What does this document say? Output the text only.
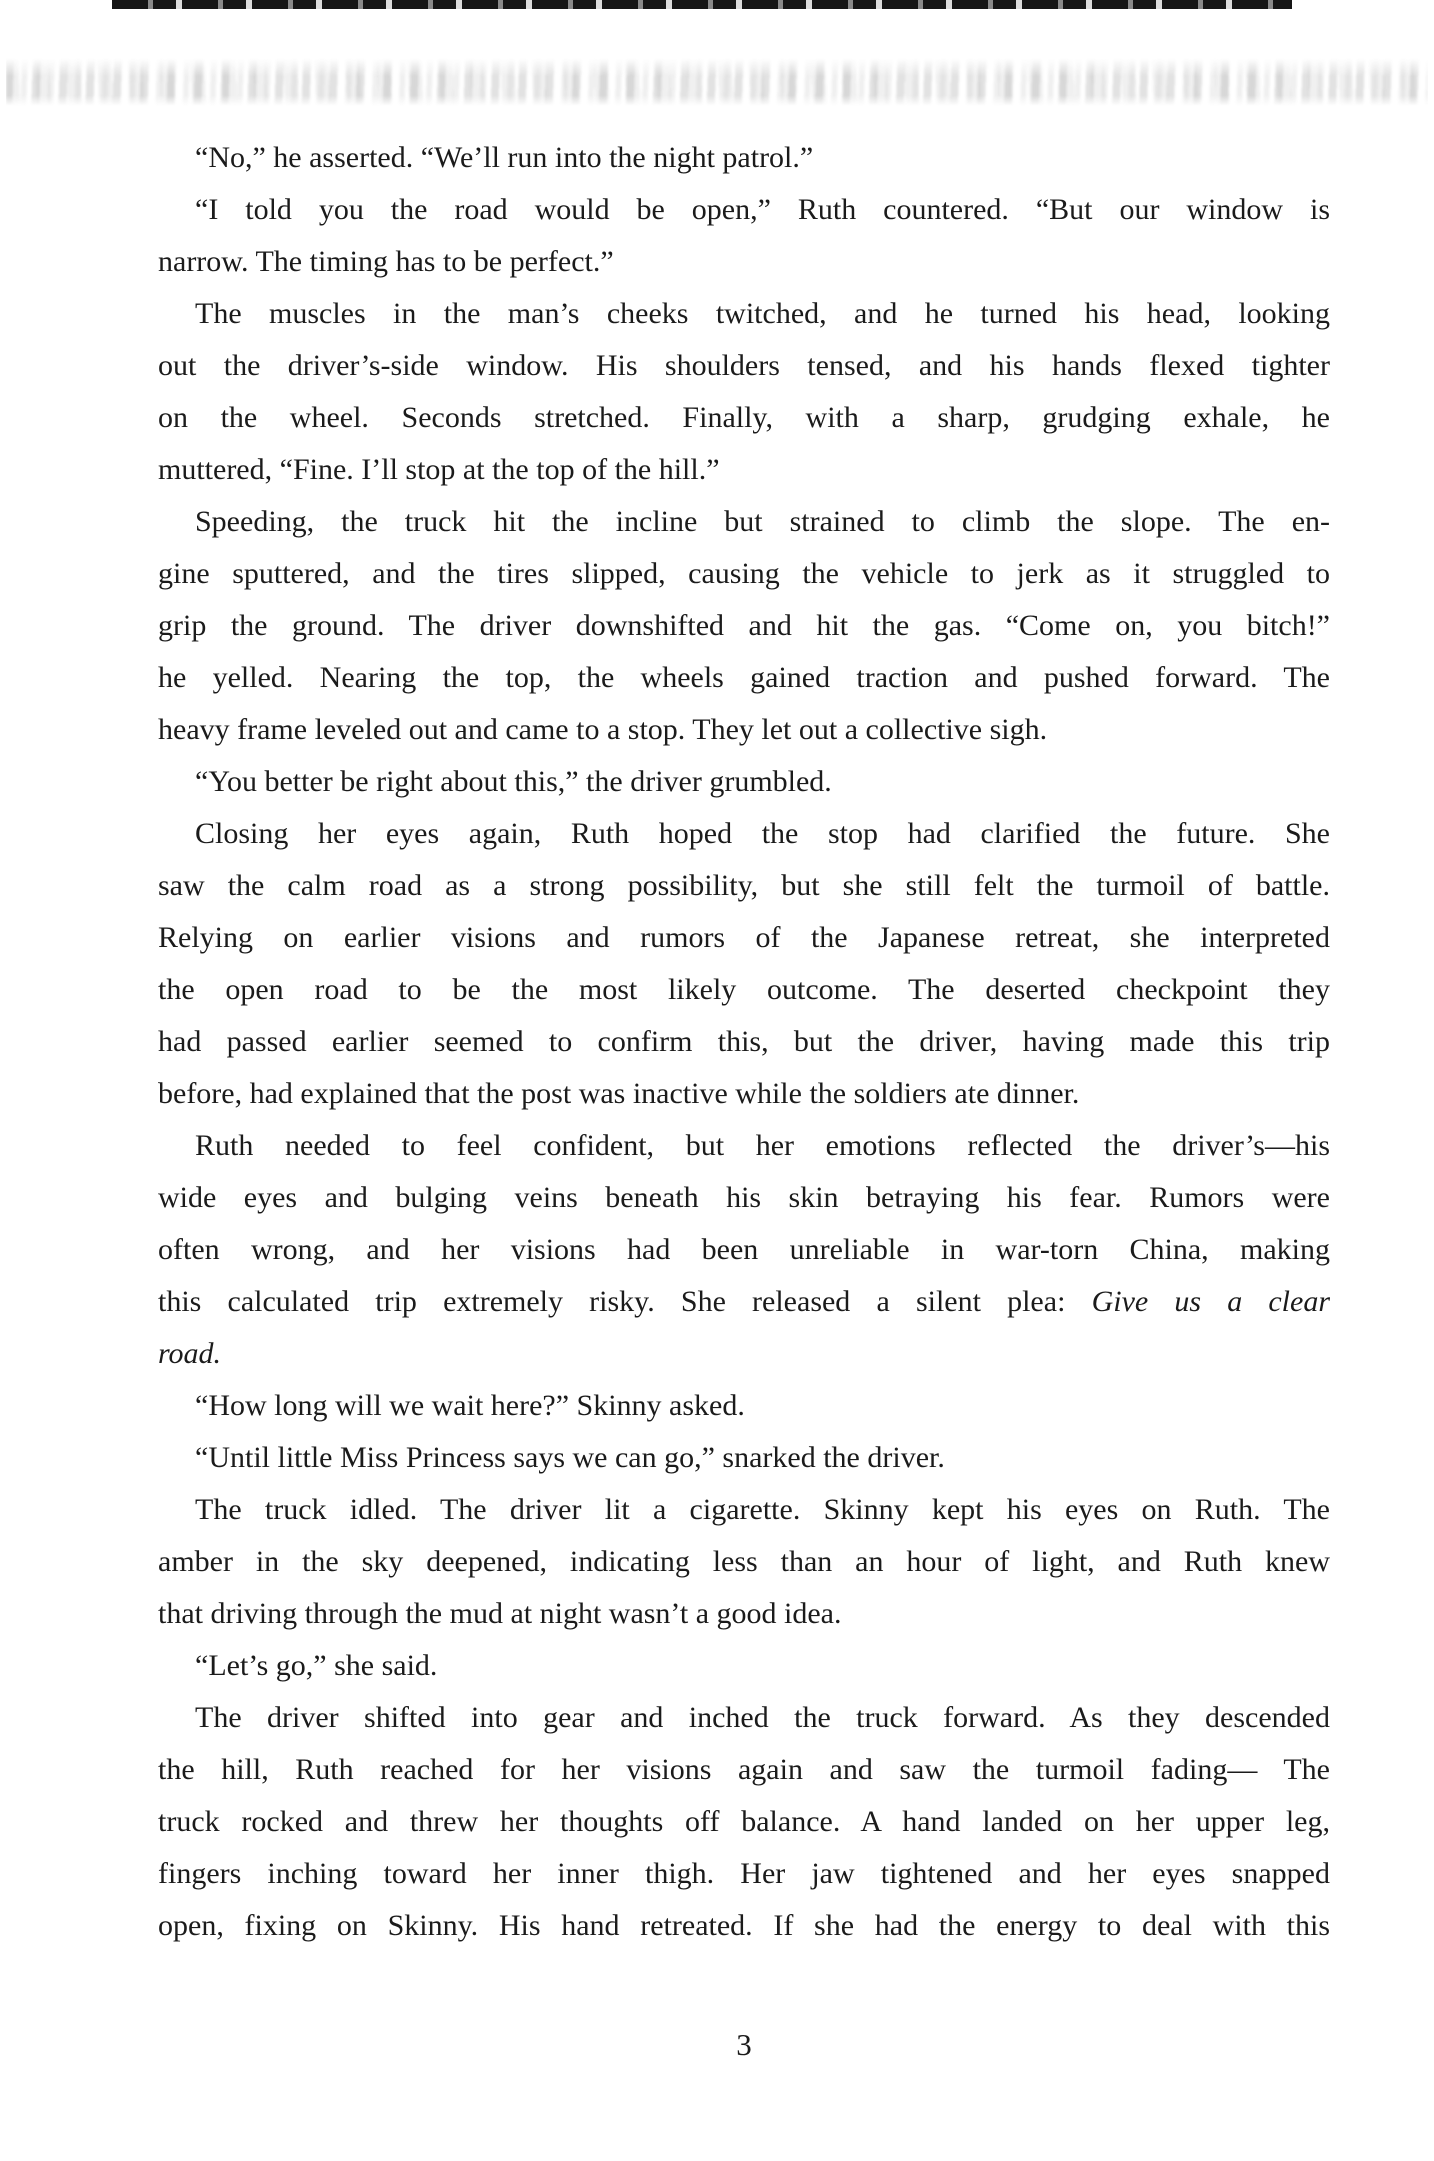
“No,” he asserted. “We’ll run into the night patrol.”

“I told you the road would be open,” Ruth countered. “But our window is
narrow. The timing has to be perfect.”

The muscles in the man’s cheeks twitched, and he turned his head, looking
out the driver’s-side window. His shoulders tensed, and his hands flexed tighter
on the wheel. Seconds stretched. Finally, with a sharp, grudging exhale, he
muttered, “Fine. I’ll stop at the top of the hill.”

Speeding, the truck hit the incline but strained to climb the slope. The en-
gine sputtered, and the tires slipped, causing the vehicle to jerk as it struggled to
grip the ground. The driver downshifted and hit the gas. “Come on, you bitch!”
he yelled. Nearing the top, the wheels gained traction and pushed forward. The
heavy frame leveled out and came to a stop. They let out a collective sigh.

“You better be right about this,” the driver grumbled.

Closing her eyes again, Ruth hoped the stop had clarified the future. She
saw the calm road as a strong possibility, but she still felt the turmoil of battle.
Relying on earlier visions and rumors of the Japanese retreat, she interpreted
the open road to be the most likely outcome. The deserted checkpoint they
had passed earlier seemed to confirm this, but the driver, having made this trip
before, had explained that the post was inactive while the soldiers ate dinner.

Ruth needed to feel confident, but her emotions reflected the driver’s—his
wide eyes and bulging veins beneath his skin betraying his fear. Rumors were
often wrong, and her visions had been unreliable in war-torn China, making
this calculated trip extremely risky. She released a silent plea: Give us a clear
road.

“How long will we wait here?” Skinny asked.

“Until little Miss Princess says we can go,” snarked the driver.

The truck idled. The driver lit a cigarette. Skinny kept his eyes on Ruth. The
amber in the sky deepened, indicating less than an hour of light, and Ruth knew
that driving through the mud at night wasn’t a good idea.

“Let’s go,” she said.

The driver shifted into gear and inched the truck forward. As they descended
the hill, Ruth reached for her visions again and saw the turmoil fading— The
truck rocked and threw her thoughts off balance. A hand landed on her upper leg,
fingers inching toward her inner thigh. Her jaw tightened and her eyes snapped
open, fixing on Skinny. His hand retreated. If she had the energy to deal with this

3
